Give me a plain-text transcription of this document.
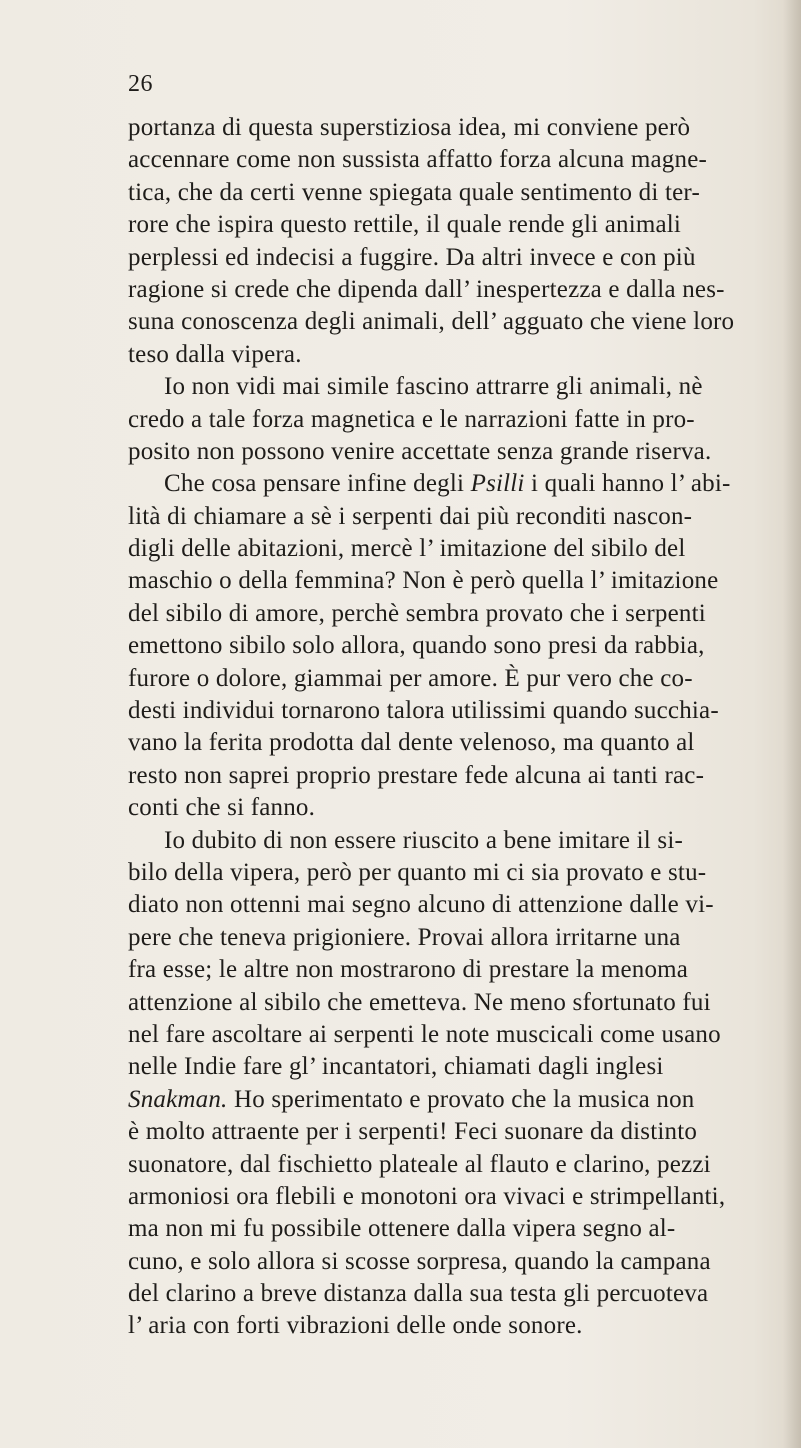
26
portanza di questa superstiziosa idea, mi conviene però
accennare come non sussista affatto forza alcuna magne-
tica, che da certi venne spiegata quale sentimento di ter-
rore che ispira questo rettile, il quale rende gli animali
perplessi ed indecisi a fuggire. Da altri invece e con più
ragione si crede che dipenda dall’ inespertezza e dalla nes-
suna conoscenza degli animali, dell’ agguato che viene loro
teso dalla vipera.
Io non vidi mai simile fascino attrarre gli animali, nè
credo a tale forza magnetica e le narrazioni fatte in pro-
posito non possono venire accettate senza grande riserva.
Che cosa pensare infine degli Psilli i quali hanno l’ abi-
lità di chiamare a sè i serpenti dai più reconditi nascon-
digli delle abitazioni, mercè l’ imitazione del sibilo del
maschio o della femmina? Non è però quella l’ imitazione
del sibilo di amore, perchè sembra provato che i serpenti
emettono sibilo solo allora, quando sono presi da rabbia,
furore o dolore, giammai per amore. È pur vero che co-
desti individui tornarono talora utilissimi quando succhia-
vano la ferita prodotta dal dente velenoso, ma quanto al
resto non saprei proprio prestare fede alcuna ai tanti rac-
conti che si fanno.
Io dubito di non essere riuscito a bene imitare il si-
bilo della vipera, però per quanto mi ci sia provato e stu-
diato non ottenni mai segno alcuno di attenzione dalle vi-
pere che teneva prigioniere. Provai allora irritarne una
fra esse; le altre non mostrarono di prestare la menoma
attenzione al sibilo che emetteva. Ne meno sfortunato fui
nel fare ascoltare ai serpenti le note muscicali come usano
nelle Indie fare gl’ incantatori, chiamati dagli inglesi
Snakman. Ho sperimentato e provato che la musica non
è molto attraente per i serpenti! Feci suonare da distinto
suonatore, dal fischietto plateale al flauto e clarino, pezzi
armoniosi ora flebili e monotoni ora vivaci e strimpellanti,
ma non mi fu possibile ottenere dalla vipera segno al-
cuno, e solo allora si scosse sorpresa, quando la campana
del clarino a breve distanza dalla sua testa gli percuoteva
l’ aria con forti vibrazioni delle onde sonore.
